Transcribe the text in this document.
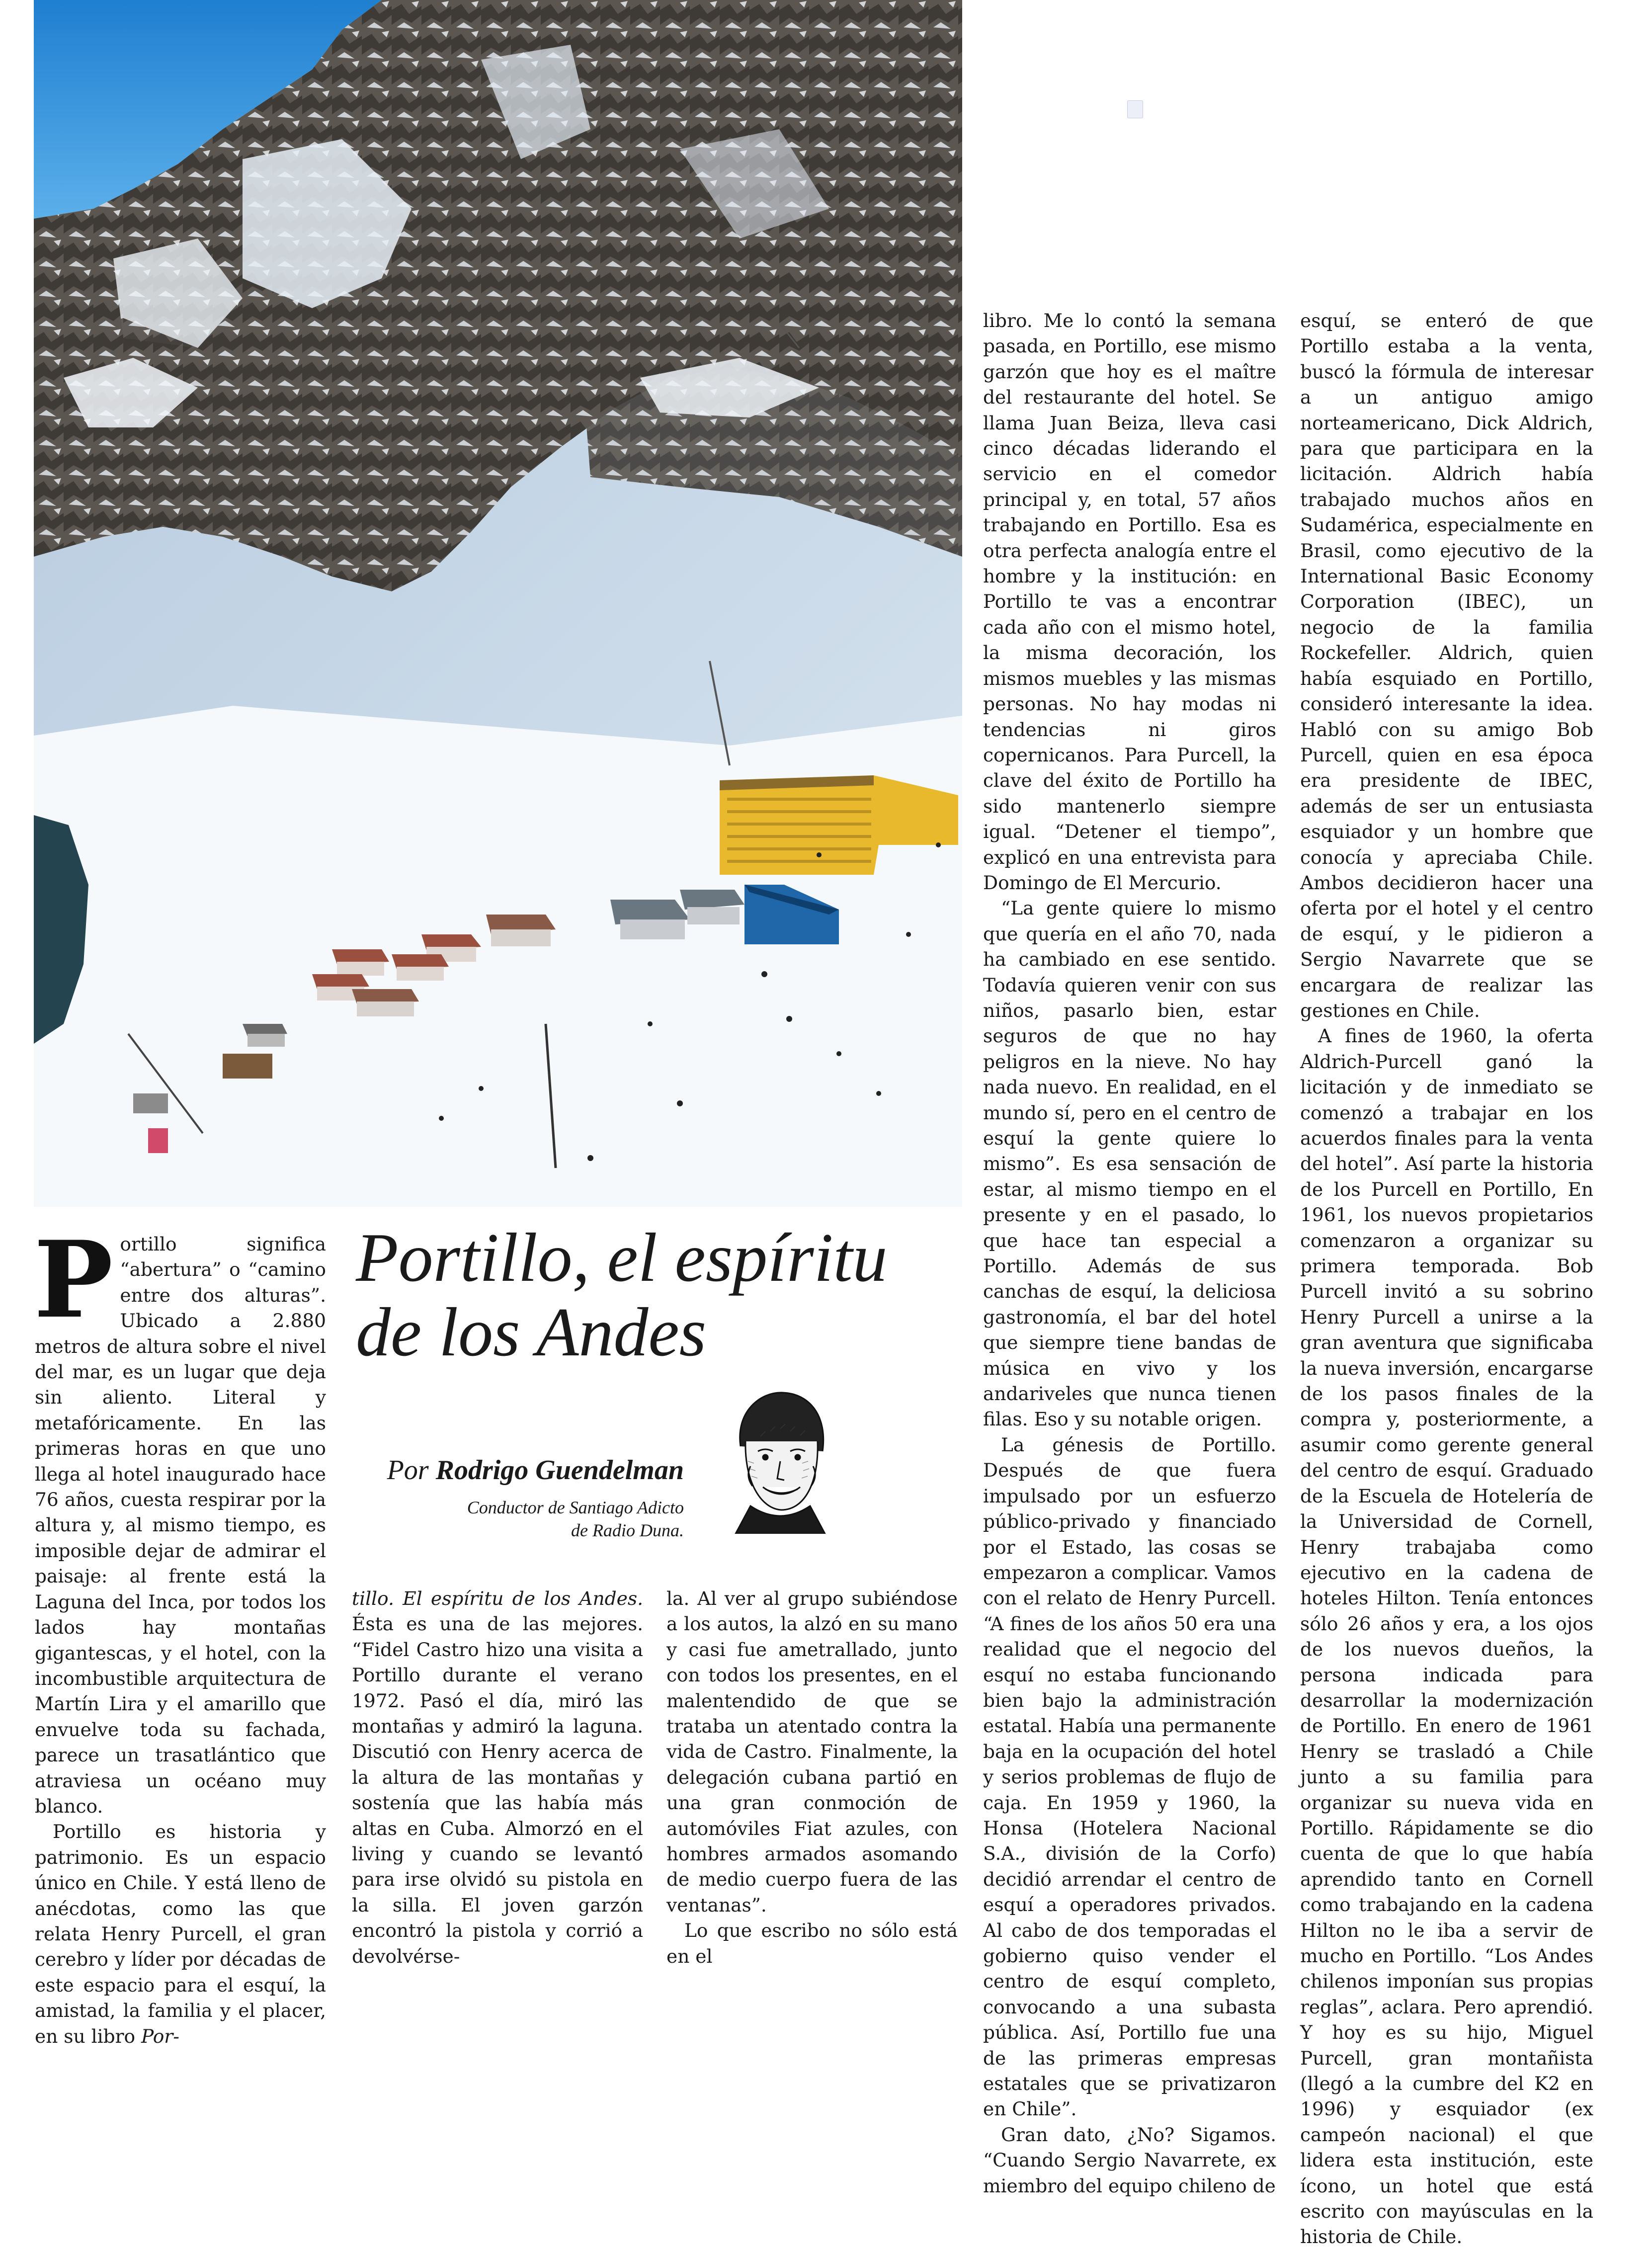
Portillo significa “abertura” o “camino entre dos alturas”. Ubicado a 2.880 metros de altura sobre el nivel del mar, es un lugar que deja sin aliento. Literal y metafóricamente. En las primeras horas en que uno llega al hotel inaugurado hace 76 años, cuesta respirar por la altura y, al mismo tiempo, es imposible dejar de admirar el paisaje: al frente está la Laguna del Inca, por todos los lados hay montañas gigantescas, y el hotel, con la incombustible arquitectura de Martín Lira y el amarillo que envuelve toda su fachada, parece un trasatlántico que atraviesa un océano muy blanco.

Portillo es historia y patrimonio. Es un espacio único en Chile. Y está lleno de anécdotas, como las que relata Henry Purcell, el gran cerebro y líder por décadas de este espacio para el esquí, la amistad, la familia y el placer, en su libro Por-

Portillo, el espíritu
de los Andes
Por Rodrigo Guendelman
Conductor de Santiago Adicto
de Radio Duna.

tillo. El espíritu de los Andes. Ésta es una de las mejores. “Fidel Castro hizo una visita a Portillo durante el verano 1972. Pasó el día, miró las montañas y admiró la laguna. Discutió con Henry acerca de la altura de las montañas y sostenía que las había más altas en Cuba. Almorzó en el living y cuando se levantó para irse olvidó su pistola en la silla. El joven garzón encontró la pistola y corrió a devolvérse-

la. Al ver al grupo subiéndose a los autos, la alzó en su mano y casi fue ametrallado, junto con todos los presentes, en el malentendido de que se trataba un atentado contra la vida de Castro. Finalmente, la delegación cubana partió en una gran conmoción de automóviles Fiat azules, con hombres armados asomando de medio cuerpo fuera de las ventanas”.

Lo que escribo no sólo está en el

libro. Me lo contó la semana pasada, en Portillo, ese mismo garzón que hoy es el maître del restaurante del hotel. Se llama Juan Beiza, lleva casi cinco décadas liderando el servicio en el comedor principal y, en total, 57 años trabajando en Portillo. Esa es otra perfecta analogía entre el hombre y la institución: en Portillo te vas a encontrar cada año con el mismo hotel, la misma decoración, los mismos muebles y las mismas personas. No hay modas ni tendencias ni giros copernicanos. Para Purcell, la clave del éxito de Portillo ha sido mantenerlo siempre igual. “Detener el tiempo”, explicó en una entrevista para Domingo de El Mercurio.

“La gente quiere lo mismo que quería en el año 70, nada ha cambiado en ese sentido. Todavía quieren venir con sus niños, pasarlo bien, estar seguros de que no hay peligros en la nieve. No hay nada nuevo. En realidad, en el mundo sí, pero en el centro de esquí la gente quiere lo mismo”. Es esa sensación de estar, al mismo tiempo en el presente y en el pasado, lo que hace tan especial a Portillo. Además de sus canchas de esquí, la deliciosa gastronomía, el bar del hotel que siempre tiene bandas de música en vivo y los andariveles que nunca tienen filas. Eso y su notable origen.

La génesis de Portillo. Después de que fuera impulsado por un esfuerzo público-privado y financiado por el Estado, las cosas se empezaron a complicar. Vamos con el relato de Henry Purcell. “A fines de los años 50 era una realidad que el negocio del esquí no estaba funcionando bien bajo la administración estatal. Había una permanente baja en la ocupación del hotel y serios problemas de flujo de caja. En 1959 y 1960, la Honsa (Hotelera Nacional S.A., división de la Corfo) decidió arrendar el centro de esquí a operadores privados. Al cabo de dos temporadas el gobierno quiso vender el centro de esquí completo, convocando a una subasta pública. Así, Portillo fue una de las primeras empresas estatales que se privatizaron en Chile”.

Gran dato, ¿No? Sigamos. “Cuando Sergio Navarrete, ex miembro del equipo chileno de

esquí, se enteró de que Portillo estaba a la venta, buscó la fórmula de interesar a un antiguo amigo norteamericano, Dick Aldrich, para que participara en la licitación. Aldrich había trabajado muchos años en Sudamérica, especialmente en Brasil, como ejecutivo de la International Basic Economy Corporation (IBEC), un negocio de la familia Rockefeller. Aldrich, quien había esquiado en Portillo, consideró interesante la idea. Habló con su amigo Bob Purcell, quien en esa época era presidente de IBEC, además de ser un entusiasta esquiador y un hombre que conocía y apreciaba Chile. Ambos decidieron hacer una oferta por el hotel y el centro de esquí, y le pidieron a Sergio Navarrete que se encargara de realizar las gestiones en Chile.

A fines de 1960, la oferta Aldrich-Purcell ganó la licitación y de inmediato se comenzó a trabajar en los acuerdos finales para la venta del hotel”. Así parte la historia de los Purcell en Portillo, En 1961, los nuevos propietarios comenzaron a organizar su primera temporada. Bob Purcell invitó a su sobrino Henry Purcell a unirse a la gran aventura que significaba la nueva inversión, encargarse de los pasos finales de la compra y, posteriormente, a asumir como gerente general del centro de esquí. Graduado de la Escuela de Hotelería de la Universidad de Cornell, Henry trabajaba como ejecutivo en la cadena de hoteles Hilton. Tenía entonces sólo 26 años y era, a los ojos de los nuevos dueños, la persona indicada para desarrollar la modernización de Portillo. En enero de 1961 Henry se trasladó a Chile junto a su familia para organizar su nueva vida en Portillo. Rápidamente se dio cuenta de que lo que había aprendido tanto en Cornell como trabajando en la cadena Hilton no le iba a servir de mucho en Portillo. “Los Andes chilenos imponían sus propias reglas”, aclara. Pero aprendió. Y hoy es su hijo, Miguel Purcell, gran montañista (llegó a la cumbre del K2 en 1996) y esquiador (ex campeón nacional) el que lidera esta institución, este ícono, un hotel que está escrito con mayúsculas en la historia de Chile.
